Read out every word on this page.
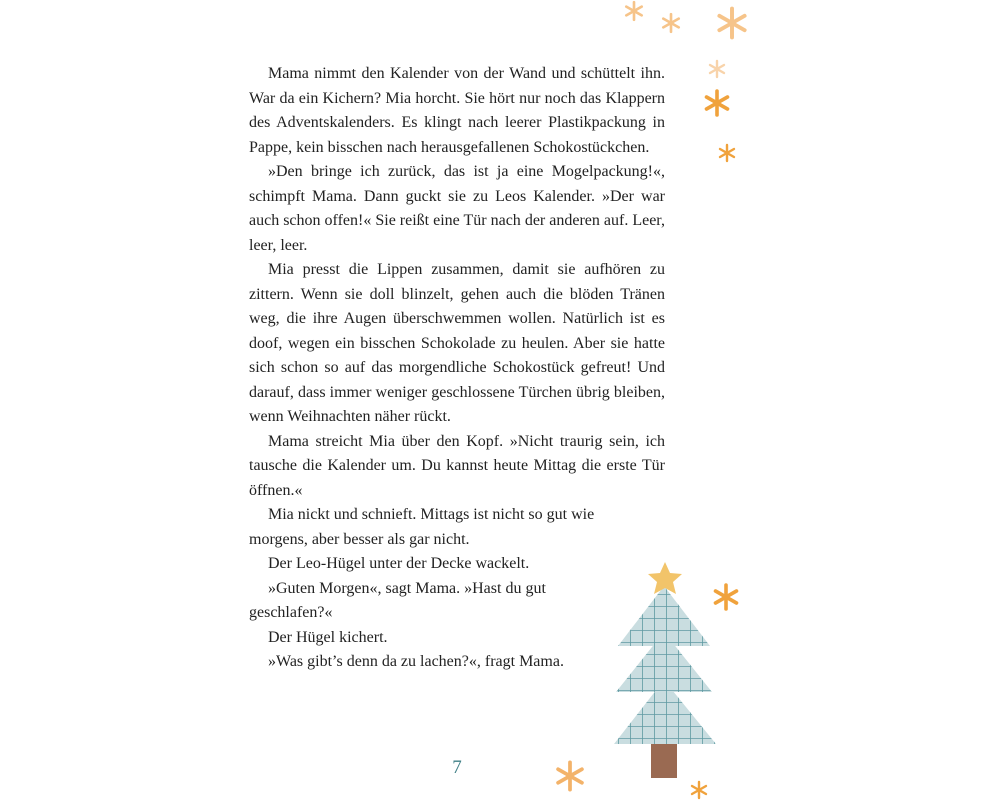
Mama nimmt den Kalender von der Wand und schüttelt ihn. War da ein Kichern? Mia horcht. Sie hört nur noch das Klappern des Adventskalenders. Es klingt nach leerer Plastikpackung in Pappe, kein bisschen nach herausgefallenen Schokostückchen.

»Den bringe ich zurück, das ist ja eine Mogelpackung!«, schimpft Mama. Dann guckt sie zu Leos Kalender. »Der war auch schon offen!« Sie reißt eine Tür nach der anderen auf. Leer, leer, leer.

Mia presst die Lippen zusammen, damit sie aufhören zu zittern. Wenn sie doll blinzelt, gehen auch die blöden Tränen weg, die ihre Augen überschwemmen wollen. Natürlich ist es doof, wegen ein bisschen Schokolade zu heulen. Aber sie hatte sich schon so auf das morgendliche Schokostück gefreut! Und darauf, dass immer weniger geschlossene Türchen übrig bleiben, wenn Weihnachten näher rückt.

Mama streicht Mia über den Kopf. »Nicht traurig sein, ich tausche die Kalender um. Du kannst heute Mittag die erste Tür öffnen.«

Mia nickt und schnieft. Mittags ist nicht so gut wie morgens, aber besser als gar nicht.

Der Leo-Hügel unter der Decke wackelt.

»Guten Morgen«, sagt Mama. »Hast du gut geschlafen?«

Der Hügel kichert.

»Was gibt’s denn da zu lachen?«, fragt Mama.

7
